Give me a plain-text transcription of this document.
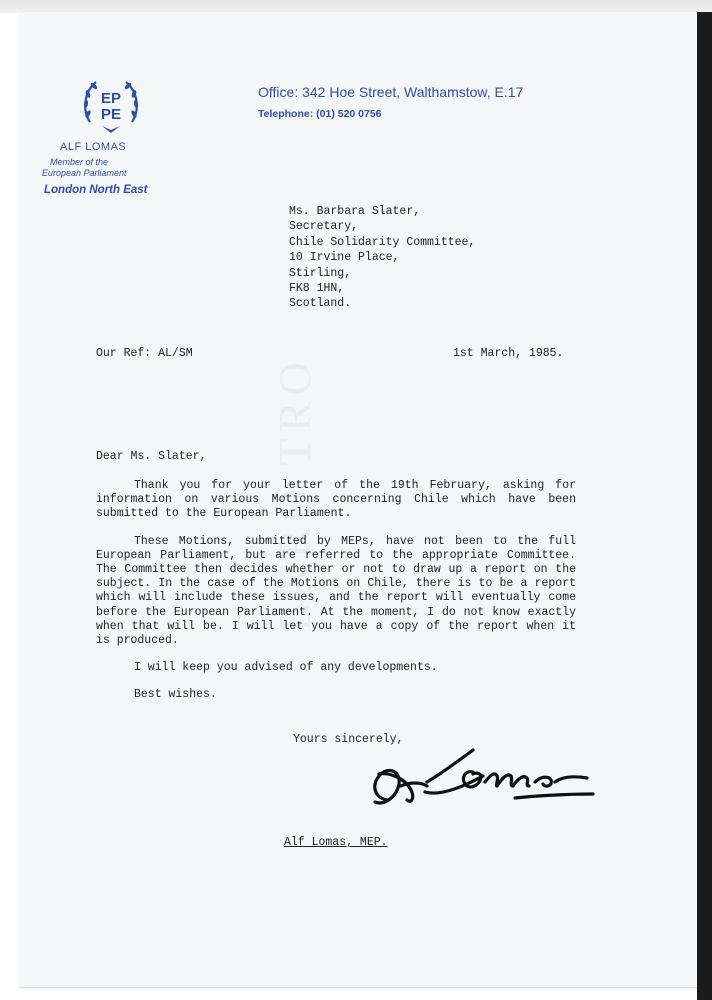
ENRO TRO
EP
PE
ALF LOMAS
Member of the
European Parliament
London North East
Office: 342 Hoe Street, Walthamstow, E.17
Telephone: (01) 520 0756
Ms. Barbara Slater,
Secretary,
Chile Solidarity Committee,
10 Irvine Place,
Stirling,
FK8 1HN,
Scotland.
Our Ref: AL/SM	1st March, 1985.
Dear Ms. Slater,
Thank you for your letter of the 19th February, asking for information on various Motions concerning Chile which have been submitted to the European Parliament.
These Motions, submitted by MEPs, have not been to the full European Parliament, but are referred to the appropriate Committee. The Committee then decides whether or not to draw up a report on the subject. In the case of the Motions on Chile, there is to be a report which will include these issues, and the report will eventually come before the European Parliament. At the moment, I do not know exactly when that will be. I will let you have a copy of the report when it is produced.
I will keep you advised of any developments.
Best wishes.
Yours sincerely,
Alf Lomas, MEP.
